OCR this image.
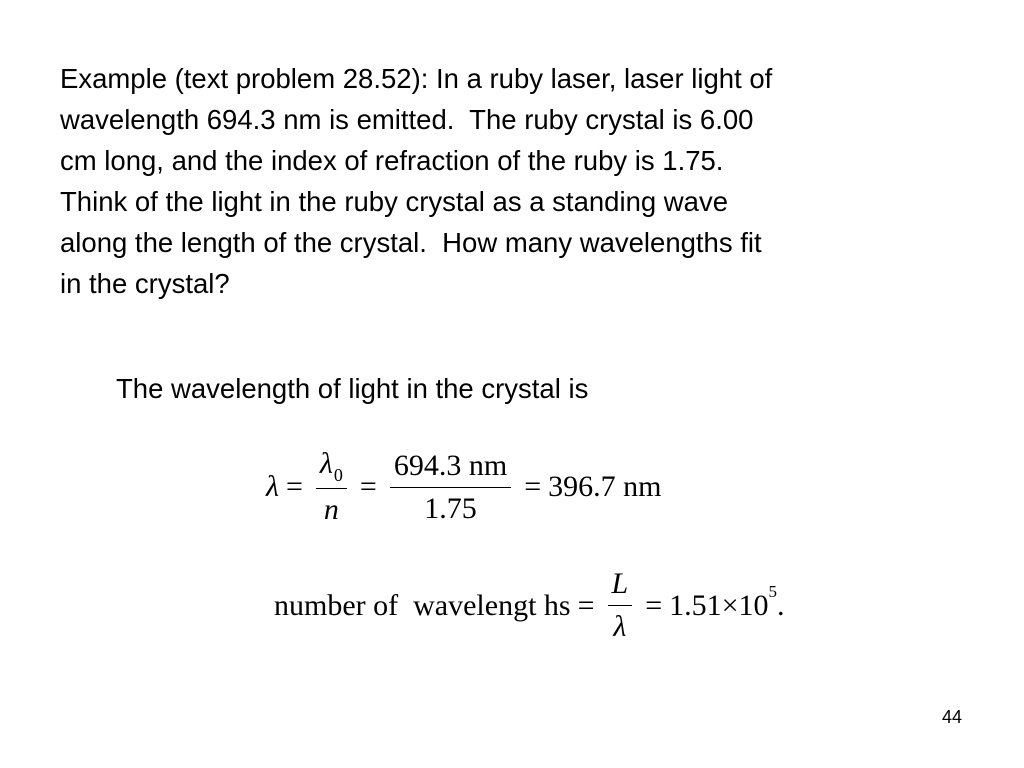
Example (text problem 28.52): In a ruby laser, laser light of
wavelength 694.3 nm is emitted.  The ruby crystal is 6.00
cm long, and the index of refraction of the ruby is 1.75.
Think of the light in the ruby crystal as a standing wave
along the length of the crystal.  How many wavelengths fit
in the crystal?
The wavelength of light in the crystal is
$\lambda = \frac{\lambda_0}{n} = \frac{694.3 nm}{1.75} = 396.7$ nm
number of  wavelengt hs = $\frac{L}{\lambda} = 1.51 \times 10$ 5 .
44
